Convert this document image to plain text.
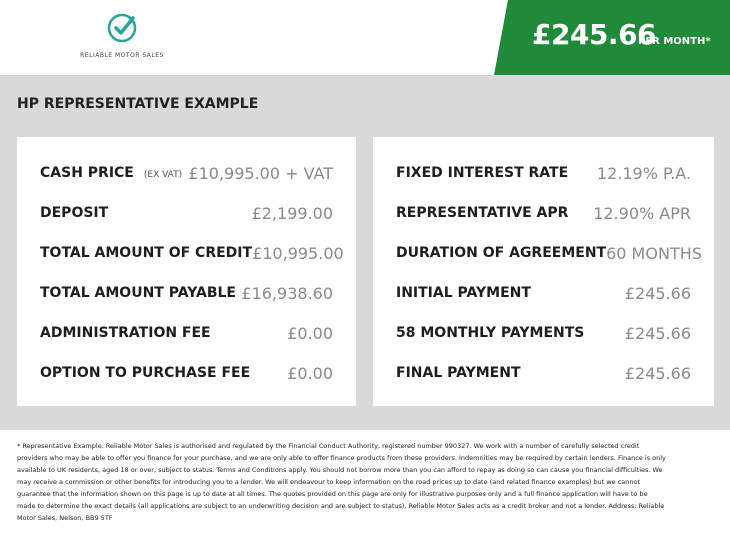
RELIABLE MOTOR SALES
£245.66
PER MONTH*
HP REPRESENTATIVE EXAMPLE
CASH PRICE (EX VAT) £10,995.00 + VAT
DEPOSIT	£2,199.00
TOTAL AMOUNT OF CREDIT £10,995.00
TOTAL AMOUNT PAYABLE £16,938.60
ADMINISTRATION FEE	£0.00
OPTION TO PURCHASE FEE £0.00
FIXED INTEREST RATE 12.19% P.A.
REPRESENTATIVE APR 12.90% APR
DURATION OF AGREEMENT 60 MONTHS
INITIAL PAYMENT	£245.66
58 MONTHLY PAYMENTS	£245.66
FINAL PAYMENT	£245.66
* Representative Example. Reliable Motor Sales is authorised and regulated by the Financial Conduct Authority, registered number 990327. We work with a number of carefully selected credit providers who may be able to offer you finance for your purchase, and we are only able to offer finance products from these providers. Indemnities may be required by certain lenders. Finance is only available to UK residents, aged 18 or over, subject to status. Terms and Conditions apply. You should not borrow more than you can afford to repay as doing so can cause you financial difficulties. We may receive a commission or other benefits for introducing you to a lender. We will endeavour to keep information on the road prices up to date (and related finance examples) but we cannot guarantee that the information shown on this page is up to date at all times. The quotes provided on this page are only for illustrative purposes only and a full finance application will have to be made to determine the exact details (all applications are subject to an underwriting decision and are subject to status). Reliable Motor Sales acts as a credit broker and not a lender. Address: Reliable Motor Sales, Nelson, BB9 5TF
